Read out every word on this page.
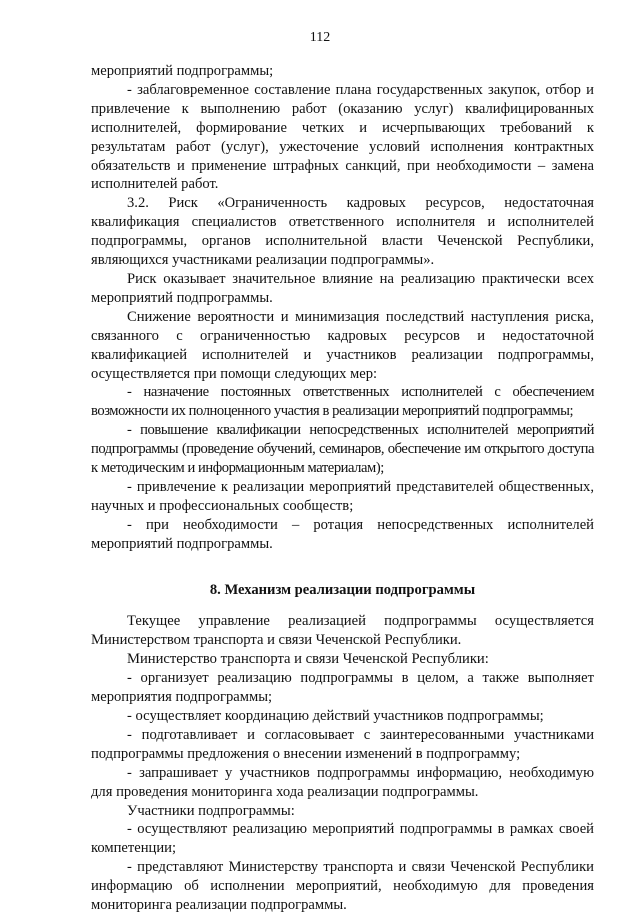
112

мероприятий подпрограммы;

- заблаговременное составление плана государственных закупок, отбор и привлечение к выполнению работ (оказанию услуг) квалифицированных исполнителей, формирование четких и исчерпывающих требований к результатам работ (услуг), ужесточение условий исполнения контрактных обязательств и применение штрафных санкций, при необходимости – замена исполнителей работ.

3.2.    Риск    «Ограниченность    кадровых    ресурсов,    недостаточная квалификация специалистов ответственного исполнителя и исполнителей подпрограммы, органов исполнительной власти Чеченской Республики, являющихся участниками реализации подпрограммы».

Риск оказывает значительное влияние на реализацию практически всех мероприятий подпрограммы.

Снижение вероятности и минимизация последствий наступления риска, связанного с ограниченностью кадровых ресурсов и недостаточной квалификацией исполнителей и участников реализации подпрограммы, осуществляется при помощи следующих мер:

- назначение постоянных ответственных исполнителей с обеспечением возможности их полноценного участия в реализации мероприятий подпрограммы;

- повышение квалификации непосредственных исполнителей мероприятий подпрограммы (проведение обучений, семинаров, обеспечение им открытого доступа к методическим и информационным материалам);

- привлечение к реализации мероприятий представителей общественных, научных и профессиональных сообществ;

- при необходимости – ротация непосредственных исполнителей мероприятий подпрограммы.

8. Механизм реализации подпрограммы

Текущее управление реализацией подпрограммы осуществляется Министерством транспорта и связи Чеченской Республики.

Министерство транспорта и связи Чеченской Республики:

- организует реализацию подпрограммы в целом, а также выполняет мероприятия подпрограммы;

- осуществляет координацию действий участников подпрограммы;

- подготавливает и согласовывает с заинтересованными участниками подпрограммы предложения о внесении изменений в подпрограмму;

- запрашивает у участников подпрограммы информацию, необходимую для проведения мониторинга хода реализации подпрограммы.

Участники подпрограммы:

- осуществляют реализацию мероприятий подпрограммы в рамках своей компетенции;

- представляют Министерству транспорта и связи Чеченской Республики информацию об исполнении мероприятий, необходимую для проведения мониторинга реализации подпрограммы.
